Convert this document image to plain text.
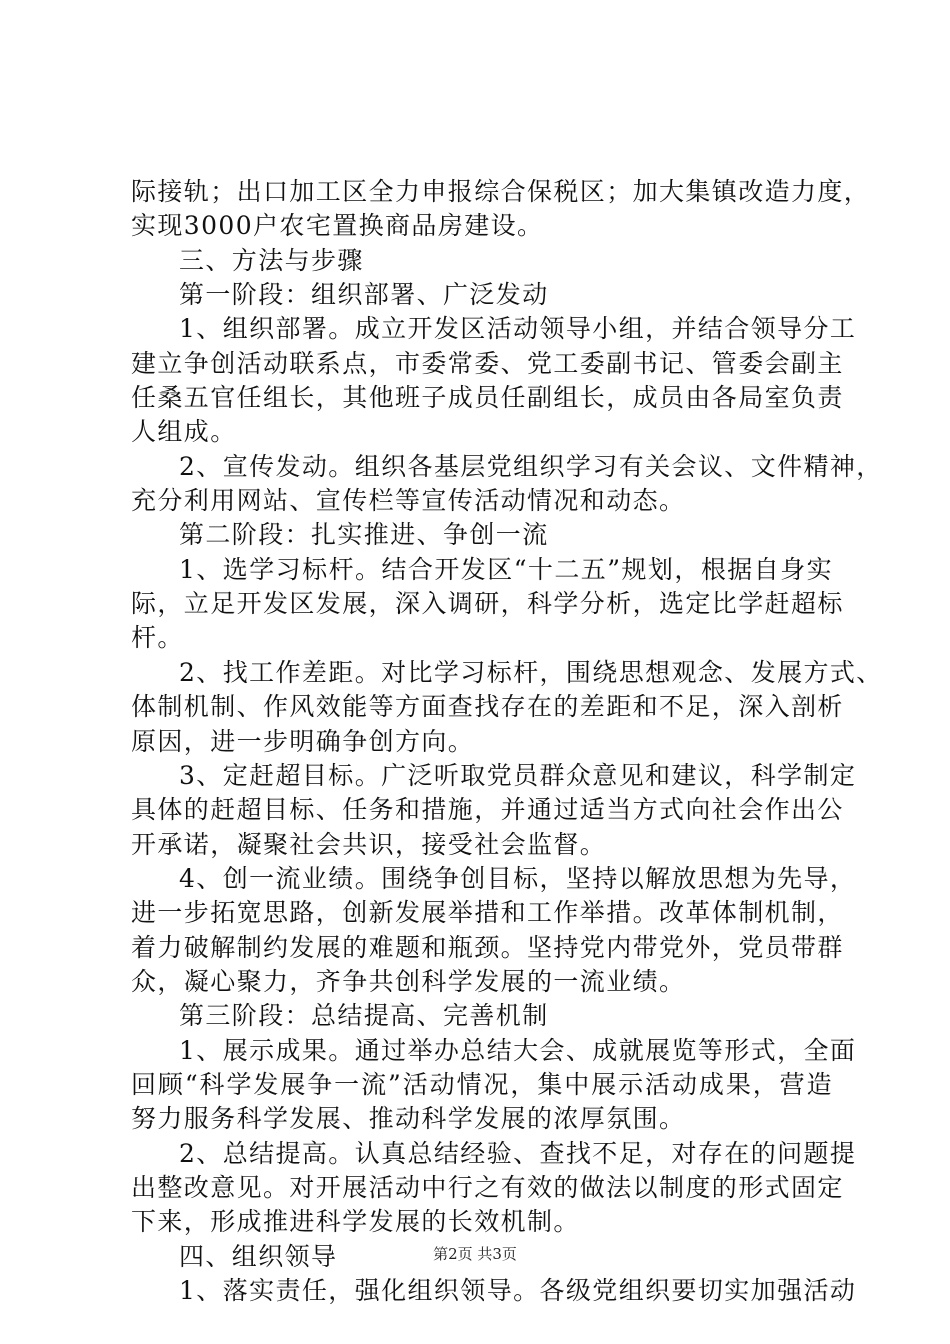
际接轨；出口加工区全力申报综合保税区；加大集镇改造力度，
实现3000户农宅置换商品房建设。
三、方法与步骤
第一阶段：组织部署、广泛发动
1、组织部署。成立开发区活动领导小组，并结合领导分工
建立争创活动联系点，市委常委、党工委副书记、管委会副主
任桑五官任组长，其他班子成员任副组长，成员由各局室负责
人组成。
2、宣传发动。组织各基层党组织学习有关会议、文件精神，
充分利用网站、宣传栏等宣传活动情况和动态。
第二阶段：扎实推进、争创一流
1、选学习标杆。结合开发区“十二五”规划，根据自身实
际，立足开发区发展，深入调研，科学分析，选定比学赶超标
杆。
2、找工作差距。对比学习标杆，围绕思想观念、发展方式、
体制机制、作风效能等方面查找存在的差距和不足，深入剖析
原因，进一步明确争创方向。
3、定赶超目标。广泛听取党员群众意见和建议，科学制定
具体的赶超目标、任务和措施，并通过适当方式向社会作出公
开承诺，凝聚社会共识，接受社会监督。
4、创一流业绩。围绕争创目标，坚持以解放思想为先导，
进一步拓宽思路，创新发展举措和工作举措。改革体制机制，
着力破解制约发展的难题和瓶颈。坚持党内带党外，党员带群
众，凝心聚力，齐争共创科学发展的一流业绩。
第三阶段：总结提高、完善机制
1、展示成果。通过举办总结大会、成就展览等形式，全面
回顾“科学发展争一流”活动情况，集中展示活动成果，营造
努力服务科学发展、推动科学发展的浓厚氛围。
2、总结提高。认真总结经验、查找不足，对存在的问题提
出整改意见。对开展活动中行之有效的做法以制度的形式固定
下来，形成推进科学发展的长效机制。
四、组织领导
1、落实责任，强化组织领导。各级党组织要切实加强活动
第2页 共3页
